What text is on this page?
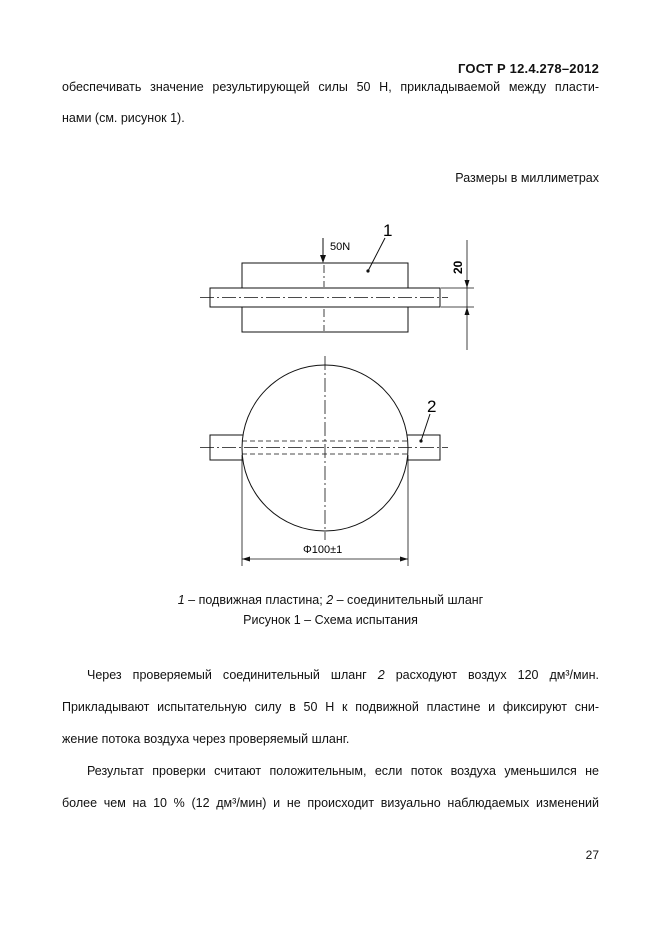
ГОСТ Р 12.4.278–2012
обеспечивать значение результирующей силы 50 Н, прикладываемой между пласти-
нами (см. рисунок 1).
Размеры в миллиметрах
50N
1
2
20
Φ100±1
1 – подвижная пластина; 2 – соединительный шланг
Рисунок 1 – Схема испытания
Через проверяемый соединительный шланг 2 расходуют воздух 120 дм³/мин.
Прикладывают испытательную силу в 50 Н к подвижной пластине и фиксируют сни-
жение потока воздуха через проверяемый шланг.
Результат проверки считают положительным, если поток воздуха уменьшился не
более чем на 10 % (12 дм³/мин) и не происходит визуально наблюдаемых изменений
27
